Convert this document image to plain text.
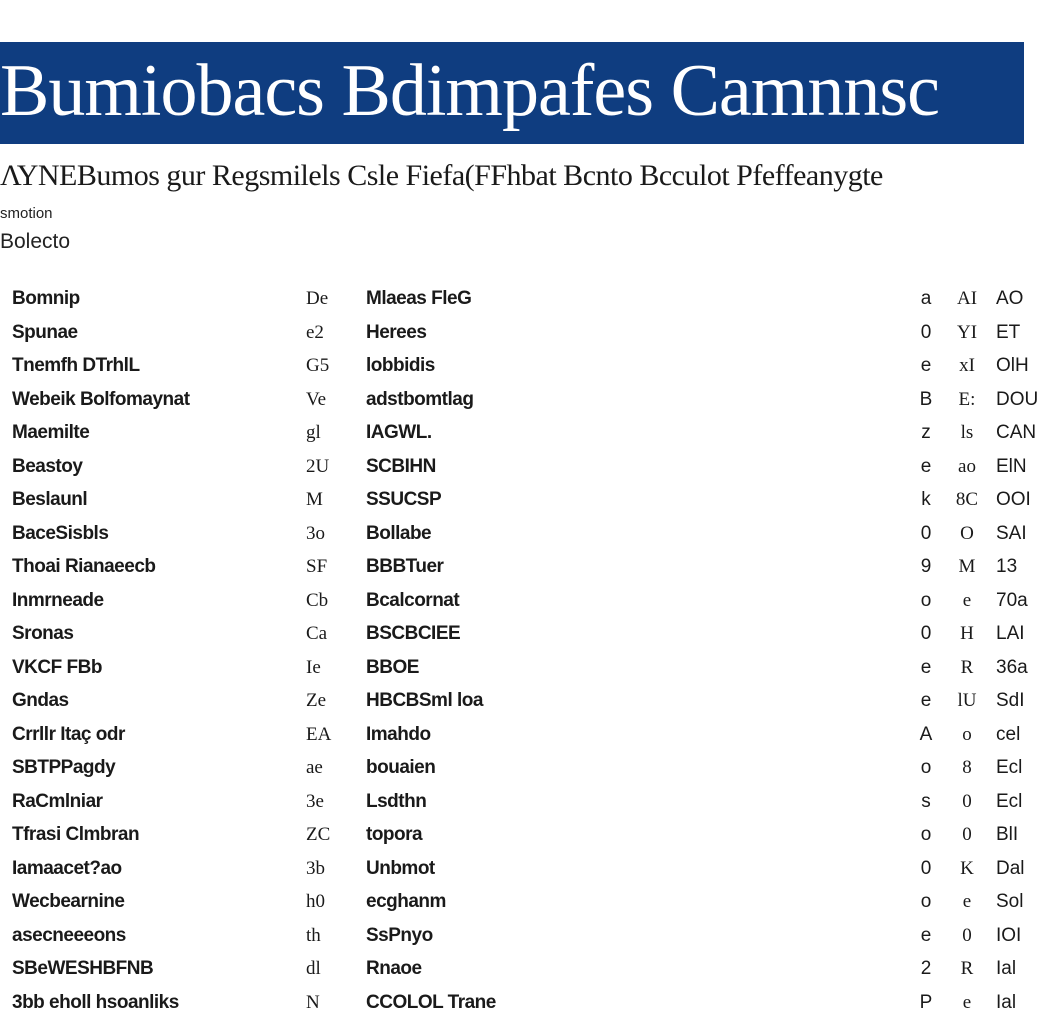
Bumiobacs Bdimpafes Camnnsc
ΛΥΝΕΒumos gur Regsmilels Csle Fiefa(FFhbat Bcnto Bcculot Pfeffeanygte
smotion
Bolecto
Bomnip	De	Mlaeas FleG	a	AI AO
Spunae	e2	Herees	0	YI ET
Tnemfh DTrhlL	G5	lobbidis	e	xI OlH
Webeik Bolfomaynat	Ve	adstbomtlag	B E: DOU
Maemilte	gl	IAGWL.	z	ls	CAN
Beastoy	2U	SCBIHN	e	ao ElN
Beslaunl	M	SSUCSP	k	8C OOI
BaceSisbls	3o	Bollabe	0	O	SAI
Thoai Rianaeecb	SF	BBBTuer	9	M 13
Inmrneade	Cb	Bcalcornat	o	e	70a
Sronas	Ca	BSCBCIEE	0	H	LAI
VKCF FBb	Ie	BBOE	e	R	36a
Gndas	Ze	HBCBSml loa	e	lU SdI
Crrllr Itaç odr	EA	Imahdo	A	o	cel
SBTPPagdy	ae	bouaien	o	8	Ecl
RaCmlniar	3e	Lsdthn	s	0	Ecl
Tfrasi Clmbran	ZC	topora	o	0	BlI
Iamaacet?ao	3b	Unbmot	0	K	Dal
Wecbearnine	h0	ecghanm	o	e	Sol
asecneeeons	th	SsPnyo	e	0	IOI
SBeWESHBFNB	dl	Rnaoe	2	R	Ial
3bb eholl hsoanliks	N	CCOLOL Trane	P	e	Ial
